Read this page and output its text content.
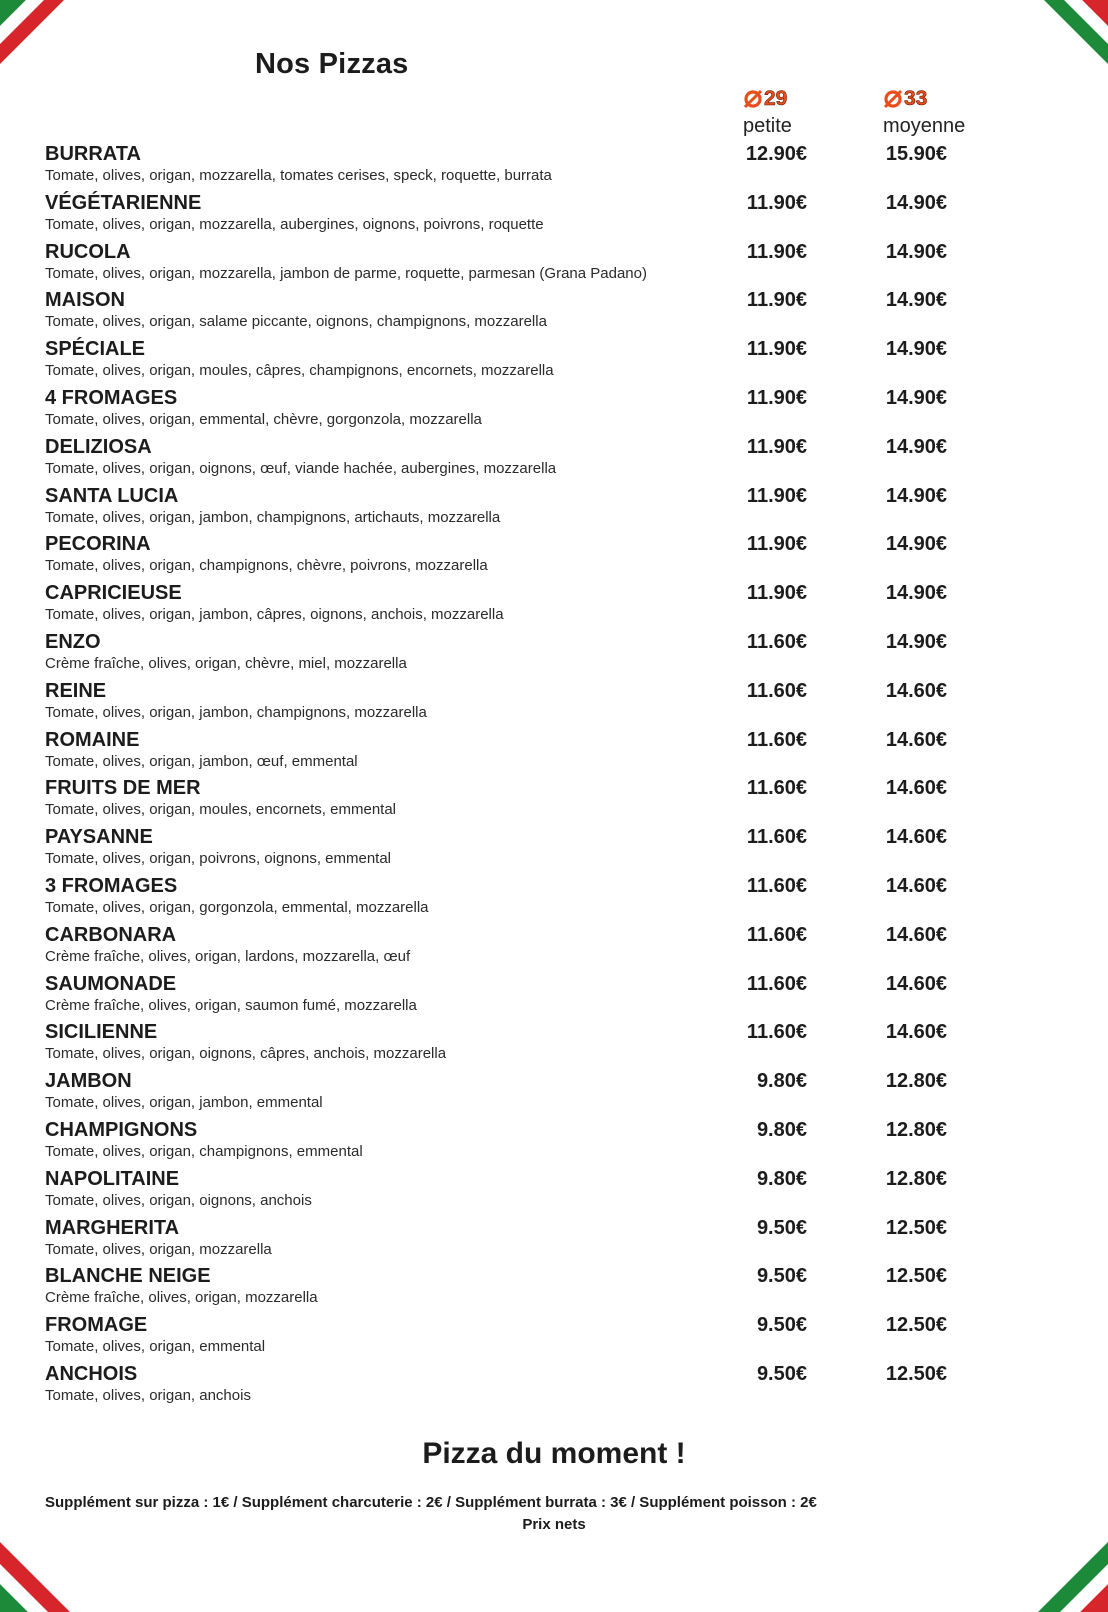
Nos Pizzas
29
petite
33
moyenne
BURRATA
Tomate, olives, origan, mozzarella, tomates cerises, speck, roquette, burrata
12.90€	15.90€
VÉGÉTARIENNE
Tomate, olives, origan, mozzarella, aubergines, oignons, poivrons, roquette
11.90€	14.90€
RUCOLA
Tomate, olives, origan, mozzarella, jambon de parme, roquette, parmesan (Grana Padano)
11.90€	14.90€
MAISON
Tomate, olives, origan, salame piccante, oignons, champignons, mozzarella
11.90€	14.90€
SPÉCIALE
Tomate, olives, origan, moules, câpres, champignons, encornets, mozzarella
11.90€	14.90€
4 FROMAGES
Tomate, olives, origan, emmental, chèvre, gorgonzola, mozzarella
11.90€	14.90€
DELIZIOSA
Tomate, olives, origan, oignons, œuf, viande hachée, aubergines, mozzarella
11.90€	14.90€
SANTA LUCIA
Tomate, olives, origan, jambon, champignons, artichauts, mozzarella
11.90€	14.90€
PECORINA
Tomate, olives, origan, champignons, chèvre, poivrons, mozzarella
11.90€	14.90€
CAPRICIEUSE
Tomate, olives, origan, jambon, câpres, oignons, anchois, mozzarella
11.90€	14.90€
ENZO
Crème fraîche, olives, origan, chèvre, miel, mozzarella
11.60€	14.90€
REINE
Tomate, olives, origan, jambon, champignons, mozzarella
11.60€	14.60€
ROMAINE
Tomate, olives, origan, jambon, œuf, emmental
11.60€	14.60€
FRUITS DE MER
Tomate, olives, origan, moules, encornets, emmental
11.60€	14.60€
PAYSANNE
Tomate, olives, origan, poivrons, oignons, emmental
11.60€	14.60€
3 FROMAGES
Tomate, olives, origan, gorgonzola, emmental, mozzarella
11.60€	14.60€
CARBONARA
Crème fraîche, olives, origan, lardons, mozzarella, œuf
11.60€	14.60€
SAUMONADE
Crème fraîche, olives, origan, saumon fumé, mozzarella
11.60€	14.60€
SICILIENNE
Tomate, olives, origan, oignons, câpres, anchois, mozzarella
11.60€	14.60€
JAMBON
Tomate, olives, origan, jambon, emmental
9.80€	12.80€
CHAMPIGNONS
Tomate, olives, origan, champignons, emmental
9.80€	12.80€
NAPOLITAINE
Tomate, olives, origan, oignons, anchois
9.80€	12.80€
MARGHERITA
Tomate, olives, origan, mozzarella
9.50€	12.50€
BLANCHE NEIGE
Crème fraîche, olives, origan, mozzarella
9.50€	12.50€
FROMAGE
Tomate, olives, origan, emmental
9.50€	12.50€
ANCHOIS
Tomate, olives, origan, anchois
9.50€	12.50€
Pizza du moment !
Supplément sur pizza : 1€ / Supplément charcuterie : 2€ / Supplément burrata : 3€ / Supplément poisson : 2€
Prix nets
